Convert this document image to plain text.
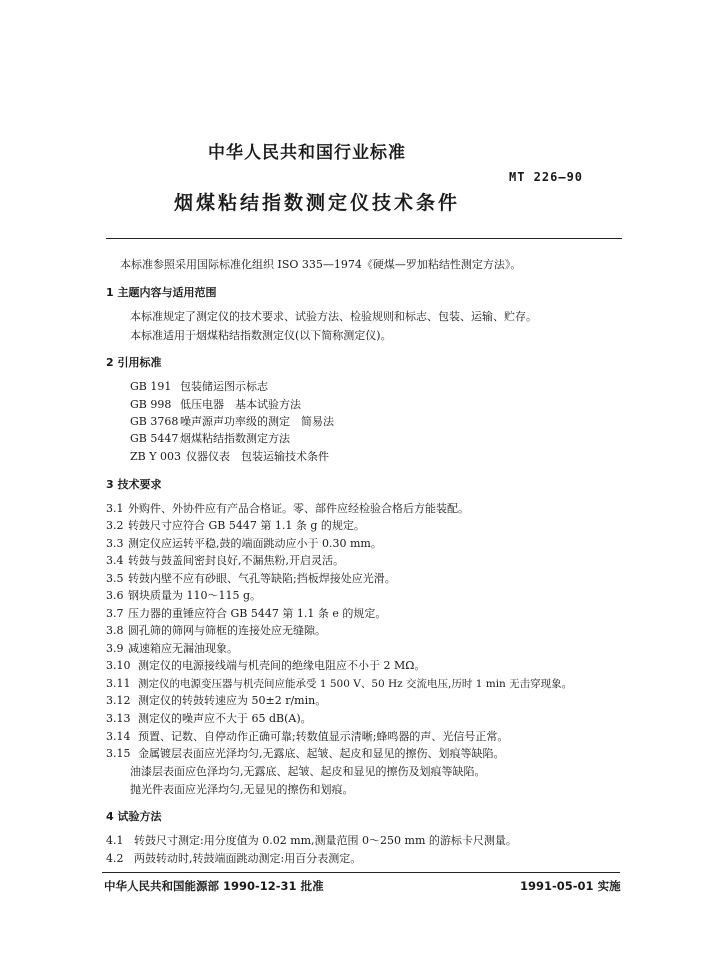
中华人民共和国行业标准
MT 226—90
烟煤粘结指数测定仪技术条件
本标准参照采用国际标准化组织 ISO 335—1974《硬煤—罗加粘结性测定方法》。
1 主题内容与适用范围
本标准规定了测定仪的技术要求、试验方法、检验规则和标志、包装、运输、贮存。
本标准适用于烟煤粘结指数测定仪(以下简称测定仪)。
2 引用标准
GB 191 包装储运图示标志
GB 998 低压电器　基本试验方法
GB 3768 噪声源声功率级的测定　简易法
GB 5447 烟煤粘结指数测定方法
ZB Y 003 仪器仪表　包装运输技术条件
3 技术要求
3.1 外购件、外协件应有产品合格证。零、部件应经检验合格后方能装配。
3.2 转鼓尺寸应符合 GB 5447 第 1.1 条 g 的规定。
3.3 测定仪应运转平稳,鼓的端面跳动应小于 0.30 mm。
3.4 转鼓与鼓盖间密封良好,不漏焦粉,开启灵活。
3.5 转鼓内壁不应有砂眼、气孔等缺陷;挡板焊接处应光滑。
3.6 钢块质量为 110～115 g。
3.7 压力器的重锤应符合 GB 5447 第 1.1 条 e 的规定。
3.8 圆孔筛的筛网与筛框的连接处应无缝隙。
3.9 减速箱应无漏油现象。
3.10 测定仪的电源接线端与机壳间的绝缘电阻应不小于 2 MΩ。
3.11 测定仪的电源变压器与机壳间应能承受 1 500 V、50 Hz 交流电压,历时 1 min 无击穿现象。
3.12 测定仪的转鼓转速应为 50±2 r/min。
3.13 测定仪的噪声应不大于 65 dB(A)。
3.14 预置、记数、自停动作正确可靠;转数值显示清晰;蜂鸣器的声、光信号正常。
3.15 金属镀层表面应光泽均匀,无露底、起皱、起皮和显见的擦伤、划痕等缺陷。
油漆层表面应色泽均匀,无露底、起皱、起皮和显见的擦伤及划痕等缺陷。
抛光件表面应光泽均匀,无显见的擦伤和划痕。
4 试验方法
4.1 转鼓尺寸测定:用分度值为 0.02 mm,测量范围 0～250 mm 的游标卡尺测量。
4.2 两鼓转动时,转鼓端面跳动测定:用百分表测定。
中华人民共和国能源部 1990-12-31 批准	1991-05-01 实施
